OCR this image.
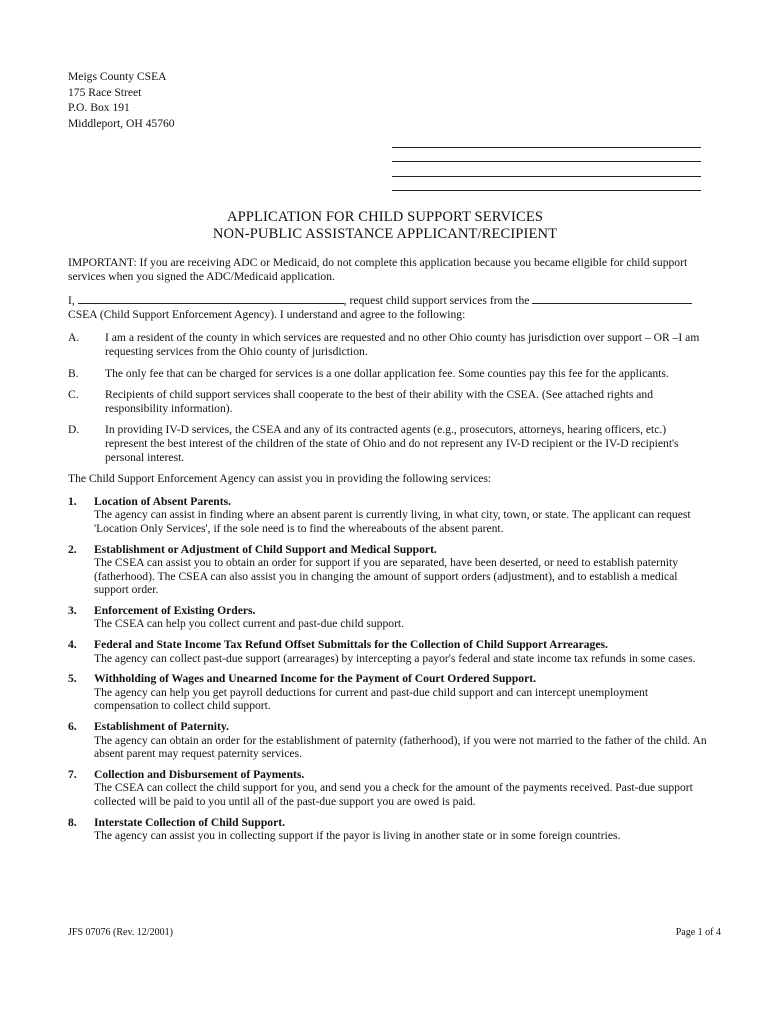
Meigs County CSEA
175 Race Street
P.O. Box 191
Middleport, OH 45760
APPLICATION FOR CHILD SUPPORT SERVICES
NON-PUBLIC ASSISTANCE APPLICANT/RECIPIENT

IMPORTANT: If you are receiving ADC or Medicaid, do not complete this application because you became eligible for child support services when you signed the ADC/Medicaid application.

I,	, request child support services from the
CSEA (Child Support Enforcement Agency). I understand and agree to the following:
A.	I am a resident of the county in which services are requested and no other Ohio county has jurisdiction over support – OR –I am requesting services from the Ohio county of jurisdiction.
B.	The only fee that can be charged for services is a one dollar application fee. Some counties pay this fee for the applicants.
C.	Recipients of child support services shall cooperate to the best of their ability with the CSEA. (See attached rights and responsibility information).
D.	In providing IV-D services, the CSEA and any of its contracted agents (e.g., prosecutors, attorneys, hearing officers, etc.) represent the best interest of the children of the state of Ohio and do not represent any IV-D recipient or the IV-D recipient's personal interest.
The Child Support Enforcement Agency can assist you in providing the following services:
1.	Location of Absent Parents.
The agency can assist in finding where an absent parent is currently living, in what city, town, or state. The applicant can request 'Location Only Services', if the sole need is to find the whereabouts of the absent parent.
2.	Establishment or Adjustment of Child Support and Medical Support.
The CSEA can assist you to obtain an order for support if you are separated, have been deserted, or need to establish paternity (fatherhood). The CSEA can also assist you in changing the amount of support orders (adjustment), and to establish a medical support order.
3.	Enforcement of Existing Orders.
The CSEA can help you collect current and past-due child support.
4.	Federal and State Income Tax Refund Offset Submittals for the Collection of Child Support Arrearages.
The agency can collect past-due support (arrearages) by intercepting a payor's federal and state income tax refunds in some cases.
5.	Withholding of Wages and Unearned Income for the Payment of Court Ordered Support.
The agency can help you get payroll deductions for current and past-due child support and can intercept unemployment compensation to collect child support.
6.	Establishment of Paternity.
The agency can obtain an order for the establishment of paternity (fatherhood), if you were not married to the father of the child. An absent parent may request paternity services.
7.	Collection and Disbursement of Payments.
The CSEA can collect the child support for you, and send you a check for the amount of the payments received. Past-due support collected will be paid to you until all of the past-due support you are owed is paid.
8.	Interstate Collection of Child Support.
The agency can assist you in collecting support if the payor is living in another state or in some foreign countries.
JFS 07076 (Rev. 12/2001)	Page 1 of 4
